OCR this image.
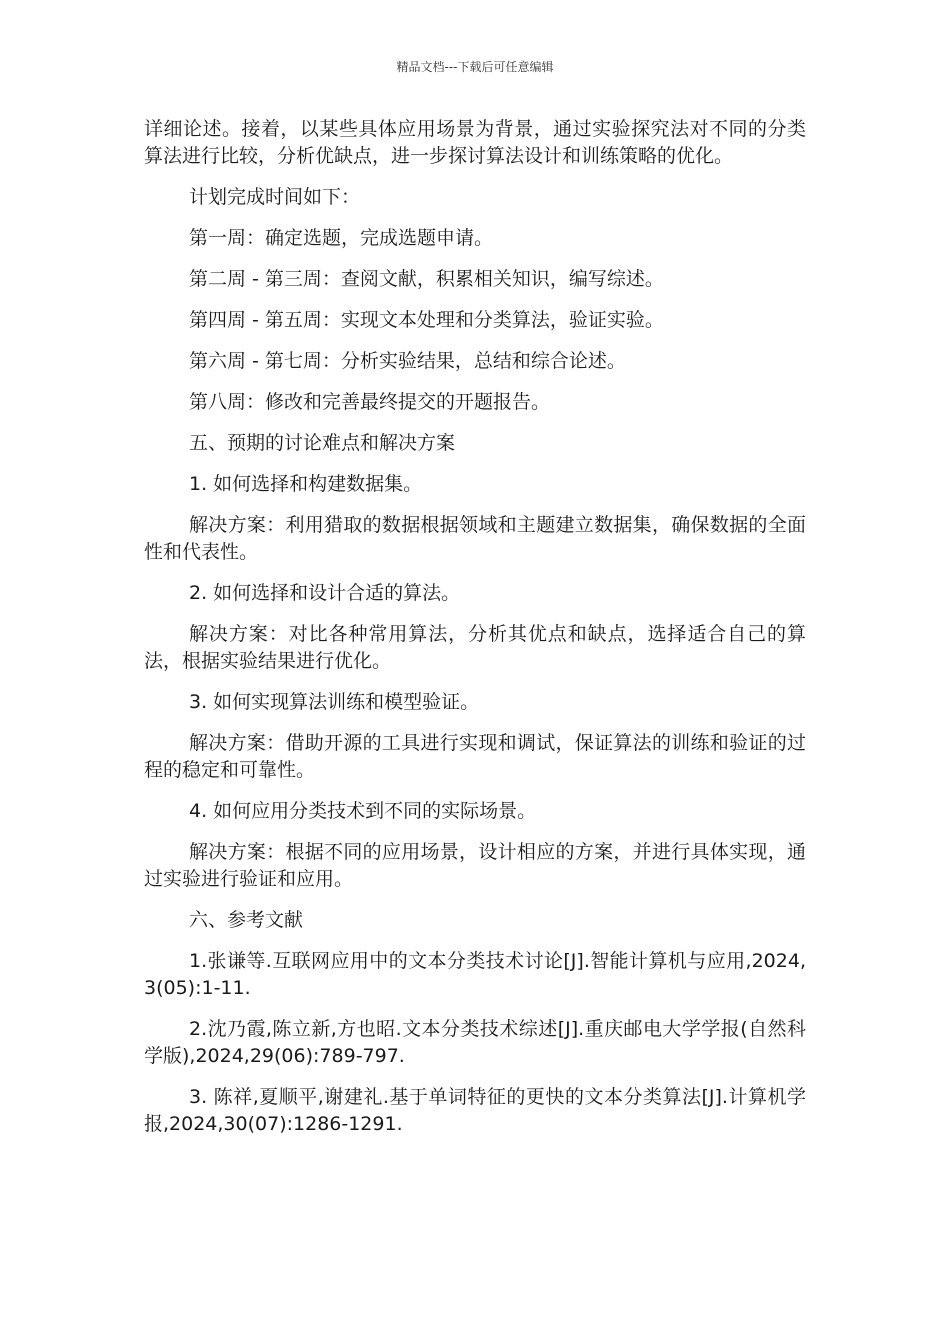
精品文档---下载后可任意编辑

详细论述。接着，以某些具体应用场景为背景，通过实验探究法对不同的分类算法进行比较，分析优缺点，进一步探讨算法设计和训练策略的优化。

计划完成时间如下：

第一周：确定选题，完成选题申请。

第二周 - 第三周：查阅文献，积累相关知识，编写综述。

第四周 - 第五周：实现文本处理和分类算法，验证实验。

第六周 - 第七周：分析实验结果，总结和综合论述。

第八周：修改和完善最终提交的开题报告。

五、预期的讨论难点和解决方案

1. 如何选择和构建数据集。

解决方案：利用猎取的数据根据领域和主题建立数据集，确保数据的全面性和代表性。

2. 如何选择和设计合适的算法。

解决方案：对比各种常用算法，分析其优点和缺点，选择适合自己的算法，根据实验结果进行优化。

3. 如何实现算法训练和模型验证。

解决方案：借助开源的工具进行实现和调试，保证算法的训练和验证的过程的稳定和可靠性。

4. 如何应用分类技术到不同的实际场景。

解决方案：根据不同的应用场景，设计相应的方案，并进行具体实现，通过实验进行验证和应用。

六、参考文献

1.张谦等.互联网应用中的文本分类技术讨论[J].智能计算机与应用,2024,3(05):1-11.

2.沈乃霞,陈立新,方也昭.文本分类技术综述[J].重庆邮电大学学报(自然科学版),2024,29(06):789-797.

3. 陈祥,夏顺平,谢建礼.基于单词特征的更快的文本分类算法[J].计算机学报,2024,30(07):1286-1291.
